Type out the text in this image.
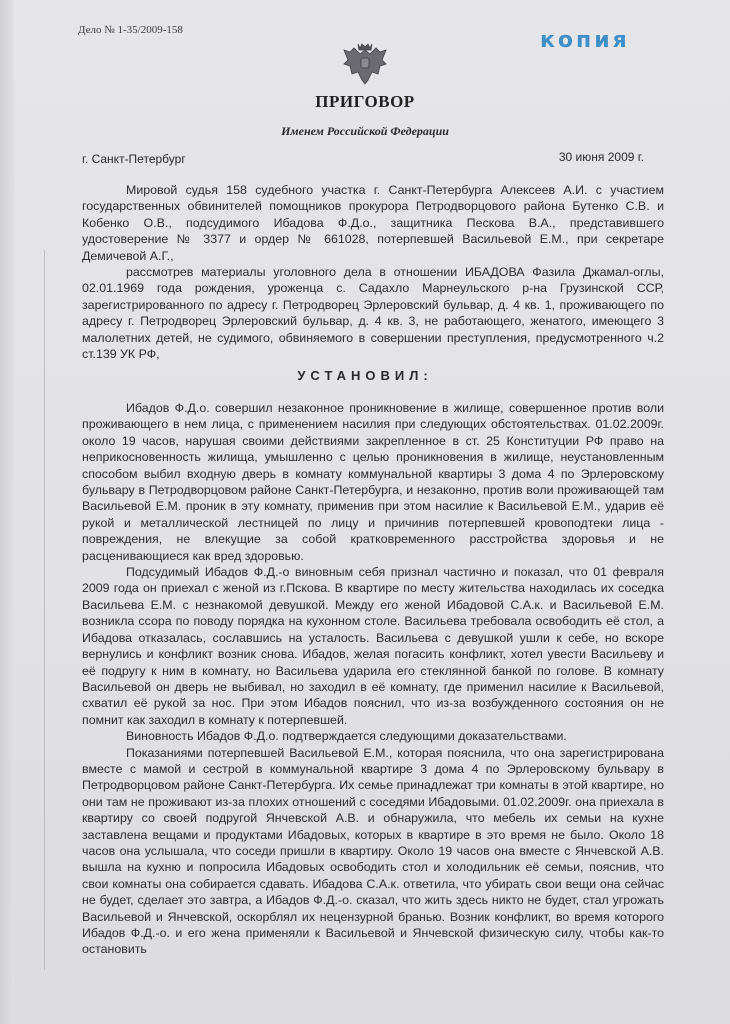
Дело № 1-35/2009-158	копия
ПРИГОВОР
Именем Российской Федерации
г. Санкт-Петербург	30 июня 2009 г.

Мировой судья 158 судебного участка г. Санкт-Петербурга Алексеев А.И. с участием государственных обвинителей помощников прокурора Петродворцового района Бутенко С.В. и Кобенко О.В., подсудимого Ибадова Ф.Д.о., защитника Пескова В.А., представившего удостоверение № 3377 и ордер № 661028, потерпевшей Васильевой Е.М., при секретаре Демичевой А.Г.,

рассмотрев материалы уголовного дела в отношении ИБАДОВА Фазила Джамал-оглы, 02.01.1969 года рождения, уроженца с. Садахло Марнеульского р-на Грузинской ССР, зарегистрированного по адресу г. Петродворец Эрлеровский бульвар, д. 4 кв. 1, проживающего по адресу г. Петродворец Эрлеровский бульвар, д. 4 кв. 3, не работающего, женатого, имеющего 3 малолетних детей, не судимого, обвиняемого в совершении преступления, предусмотренного ч.2 ст.139 УК РФ,

УСТАНОВИЛ:

Ибадов Ф.Д.о. совершил незаконное проникновение в жилище, совершенное против воли проживающего в нем лица, с применением насилия при следующих обстоятельствах. 01.02.2009г. около 19 часов, нарушая своими действиями закрепленное в ст. 25 Конституции РФ право на неприкосновенность жилища, умышленно с целью проникновения в жилище, неустановленным способом выбил входную дверь в комнату коммунальной квартиры 3 дома 4 по Эрлеровскому бульвару в Петродворцовом районе Санкт-Петербурга, и незаконно, против воли проживающей там Васильевой Е.М. проник в эту комнату, применив при этом насилие к Васильевой Е.М., ударив её рукой и металлической лестницей по лицу и причинив потерпевшей кровоподтеки лица - повреждения, не влекущие за собой кратковременного расстройства здоровья и не расценивающиеся как вред здоровью.

Подсудимый Ибадов Ф.Д.-о виновным себя признал частично и показал, что 01 февраля 2009 года он приехал с женой из г.Пскова. В квартире по месту жительства находилась их соседка Васильева Е.М. с незнакомой девушкой. Между его женой Ибадовой С.А.к. и Васильевой Е.М. возникла ссора по поводу порядка на кухонном столе. Васильева требовала освободить её стол, а Ибадова отказалась, сославшись на усталость. Васильева с девушкой ушли к себе, но вскоре вернулись и конфликт возник снова. Ибадов, желая погасить конфликт, хотел увести Васильеву и её подругу к ним в комнату, но Васильева ударила его стеклянной банкой по голове. В комнату Васильевой он дверь не выбивал, но заходил в её комнату, где применил насилие к Васильевой, схватил её рукой за нос. При этом Ибадов пояснил, что из-за возбужденного состояния он не помнит как заходил в комнату к потерпевшей.

Виновность Ибадов Ф.Д.о. подтверждается следующими доказательствами.

Показаниями потерпевшей Васильевой Е.М., которая пояснила, что она зарегистрирована вместе с мамой и сестрой в коммунальной квартире 3 дома 4 по Эрлеровскому бульвару в Петродворцовом районе Санкт-Петербурга. Их семье принадлежат три комнаты в этой квартире, но они там не проживают из-за плохих отношений с соседями Ибадовыми. 01.02.2009г. она приехала в квартиру со своей подругой Янчевской А.В. и обнаружила, что мебель их семьи на кухне заставлена вещами и продуктами Ибадовых, которых в квартире в это время не было. Около 18 часов она услышала, что соседи пришли в квартиру. Около 19 часов она вместе с Янчевской А.В. вышла на кухню и попросила Ибадовых освободить стол и холодильник её семьи, пояснив, что свои комнаты она собирается сдавать. Ибадова С.А.к. ответила, что убирать свои вещи она сейчас не будет, сделает это завтра, а Ибадов Ф.Д.-о. сказал, что жить здесь никто не будет, стал угрожать Васильевой и Янчевской, оскорблял их нецензурной бранью. Возник конфликт, во время которого Ибадов Ф.Д.-о. и его жена применяли к Васильевой и Янчевской физическую силу, чтобы как-то остановить
